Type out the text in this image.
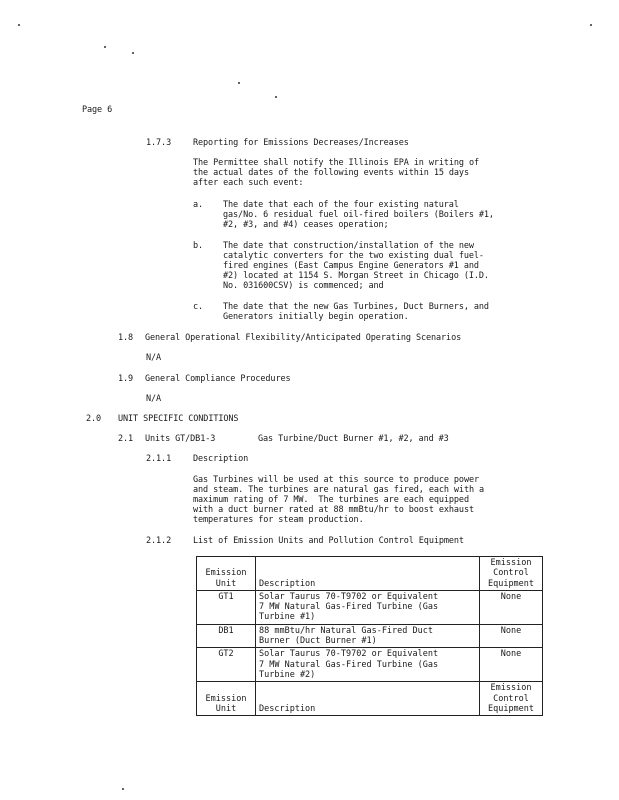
Page 6
1.7.3	Reporting for Emissions Decreases/Increases
The Permittee shall notify the Illinois EPA in writing of
the actual dates of the following events within 15 days
after each such event:
a. The date that each of the four existing natural
gas/No. 6 residual fuel oil-fired boilers (Boilers #1,
#2, #3, and #4) ceases operation;
b. The date that construction/installation of the new
catalytic converters for the two existing dual fuel-
fired engines (East Campus Engine Generators #1 and
#2) located at 1154 S. Morgan Street in Chicago (I.D.
No. 031600CSV) is commenced; and
c. The date that the new Gas Turbines, Duct Burners, and
Generators initially begin operation.
1.8 General Operational Flexibility/Anticipated Operating Scenarios
N/A
1.9 General Compliance Procedures
N/A
2.0 UNIT SPECIFIC CONDITIONS
2.1 Units GT/DB1-3	Gas Turbine/Duct Burner #1, #2, and #3
2.1.1	Description
Gas Turbines will be used at this source to produce power
and steam. The turbines are natural gas fired, each with a
maximum rating of 7 MW.  The turbines are each equipped
with a duct burner rated at 88 mmBtu/hr to boost exhaust
temperatures for steam production.
2.1.2	List of Emission Units and Pollution Control Equipment
Emission
Unit	Description	Emission
Control
Equipment
GT1	Solar Taurus 70-T9702 or Equivalent
7 MW Natural Gas-Fired Turbine (Gas
Turbine #1)	None
DB1	88 mmBtu/hr Natural Gas-Fired Duct
Burner (Duct Burner #1)	None
GT2	Solar Taurus 70-T9702 or Equivalent
7 MW Natural Gas-Fired Turbine (Gas
Turbine #2)	None
Emission
Unit	Description	Emission
Control
Equipment
